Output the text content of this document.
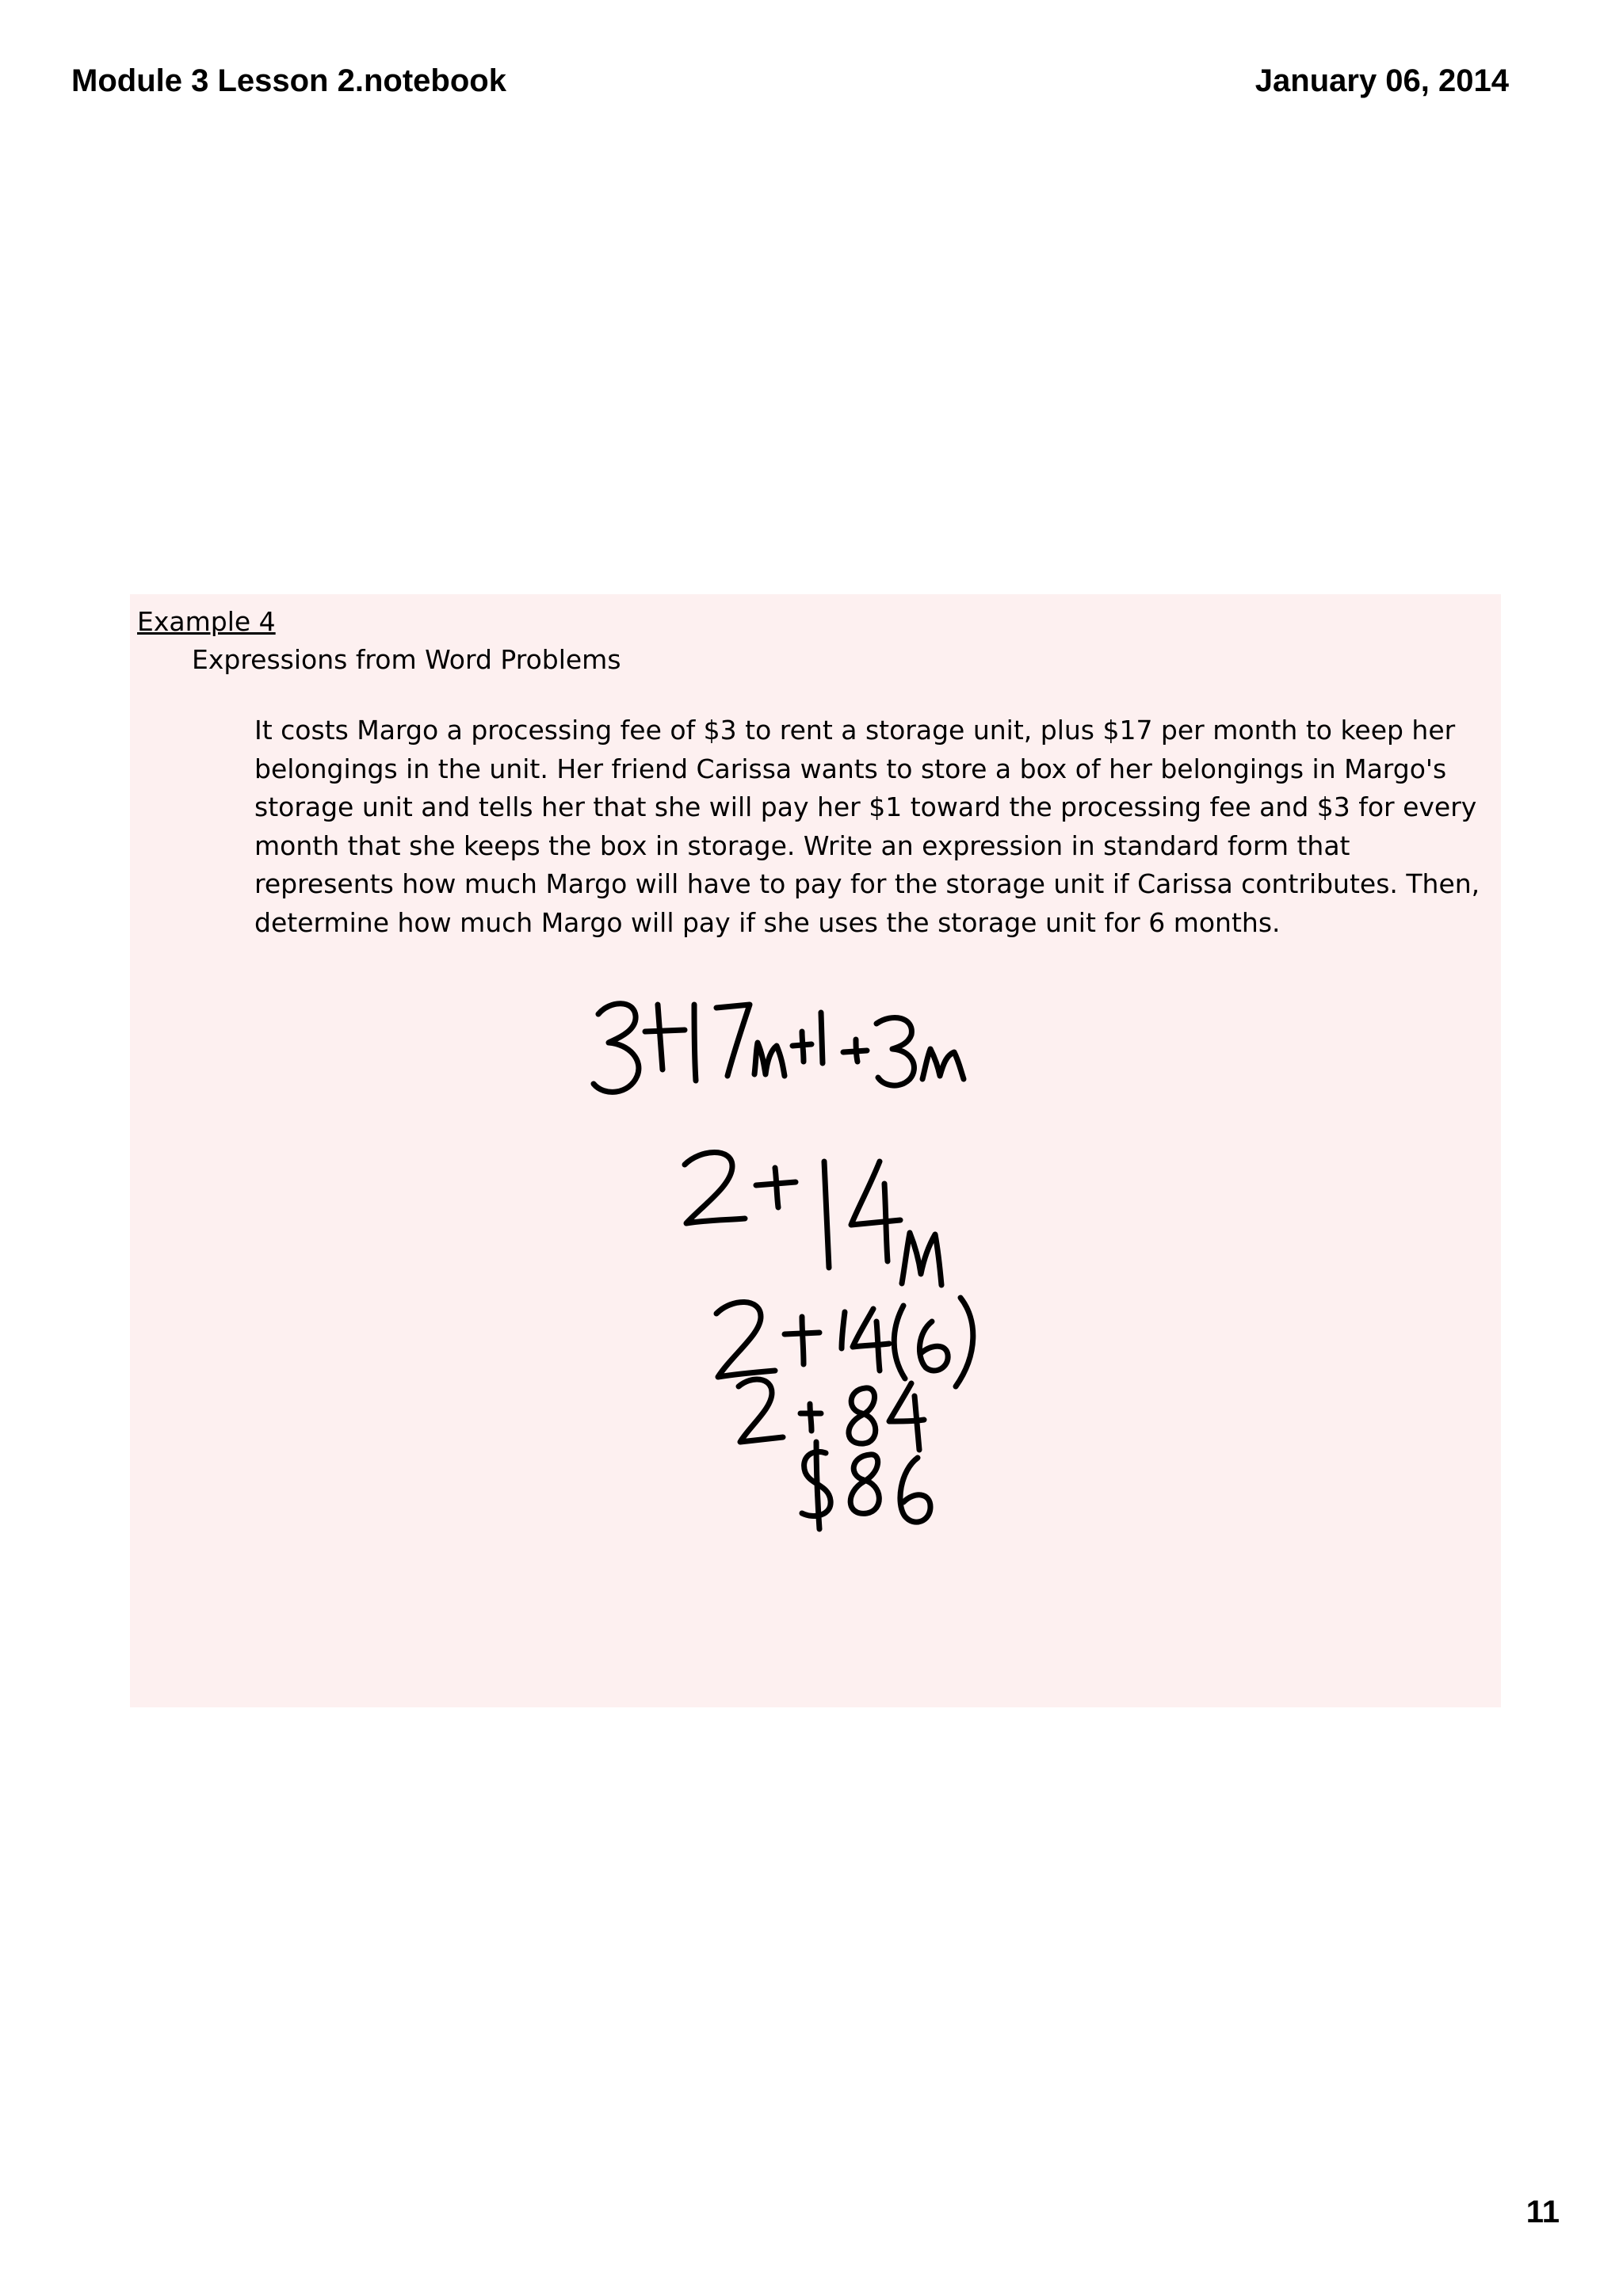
Module 3 Lesson 2.notebook	January 06, 2014
Example 4
Expressions from Word Problems
It costs Margo a processing fee of $3 to rent a storage unit, plus $17 per month to keep her
belongings in the unit. Her friend Carissa wants to store a box of her belongings in Margo's
storage unit and tells her that she will pay her $1 toward the processing fee and $3 for every
month that she keeps the box in storage. Write an expression in standard form that
represents how much Margo will have to pay for the storage unit if Carissa contributes. Then,
determine how much Margo will pay if she uses the storage unit for 6 months.
11
